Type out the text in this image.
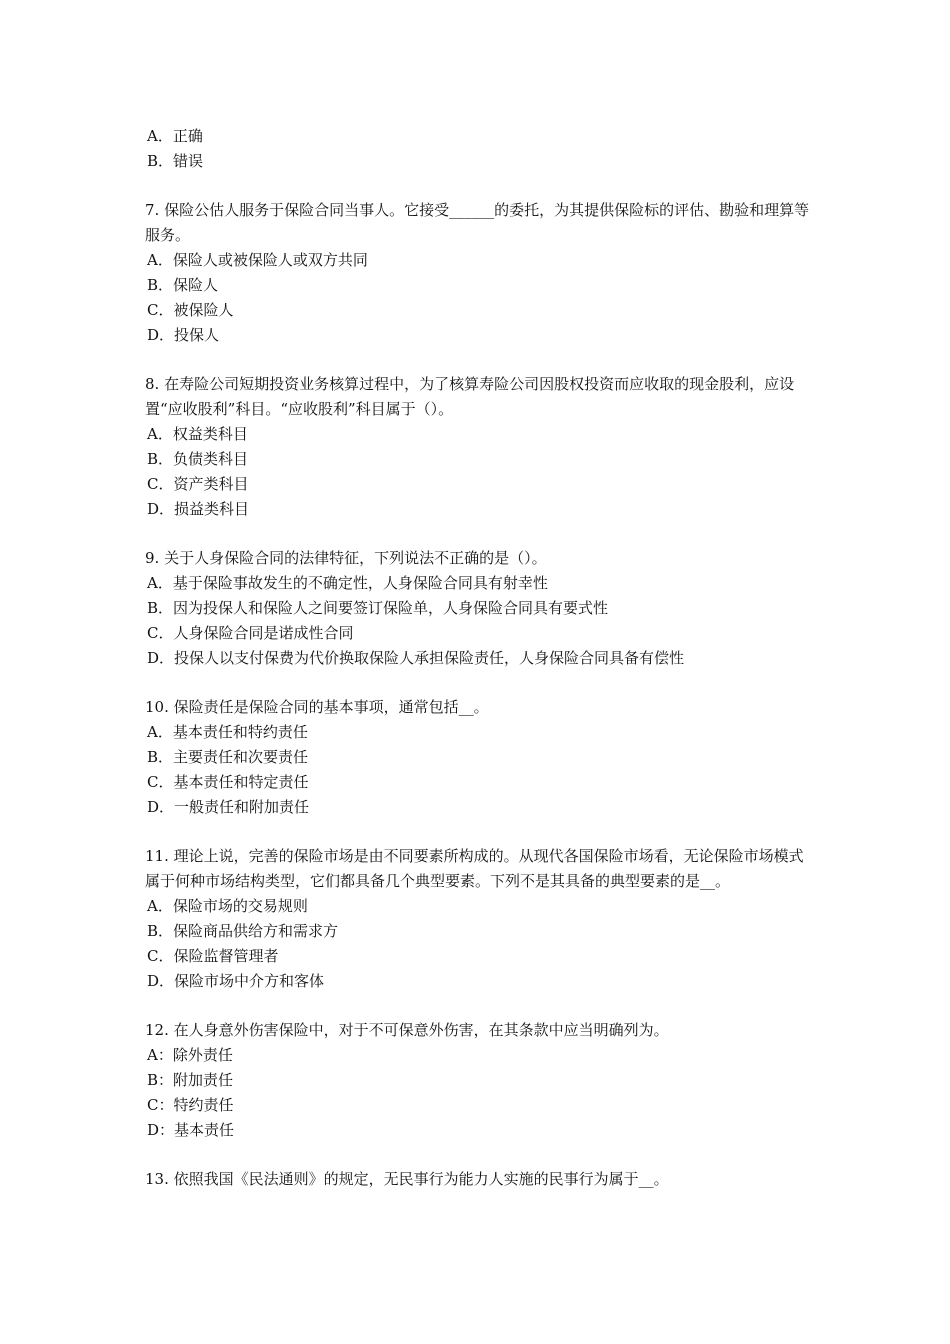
A．正确
B．错误
7. 保险公估人服务于保险合同当事人。它接受______的委托，为其提供保险标的评估、勘验和理算等服务。
A．保险人或被保险人或双方共同
B．保险人
C．被保险人
D．投保人
8. 在寿险公司短期投资业务核算过程中，为了核算寿险公司因股权投资而应收取的现金股利，应设置“应收股利”科目。“应收股利”科目属于（）。
A．权益类科目
B．负债类科目
C．资产类科目
D．损益类科目
9. 关于人身保险合同的法律特征，下列说法不正确的是（）。
A．基于保险事故发生的不确定性，人身保险合同具有射幸性
B．因为投保人和保险人之间要签订保险单，人身保险合同具有要式性
C．人身保险合同是诺成性合同
D．投保人以支付保费为代价换取保险人承担保险责任，人身保险合同具备有偿性
10. 保险责任是保险合同的基本事项，通常包括__。
A．基本责任和特约责任
B．主要责任和次要责任
C．基本责任和特定责任
D．一般责任和附加责任
11. 理论上说，完善的保险市场是由不同要素所构成的。从现代各国保险市场看，无论保险市场模式属于何种市场结构类型，它们都具备几个典型要素。下列不是其具备的典型要素的是__。
A．保险市场的交易规则
B．保险商品供给方和需求方
C．保险监督管理者
D．保险市场中介方和客体
12. 在人身意外伤害保险中，对于不可保意外伤害，在其条款中应当明确列为。
A：除外责任
B：附加责任
C：特约责任
D：基本责任
13. 依照我国《民法通则》的规定，无民事行为能力人实施的民事行为属于__。
